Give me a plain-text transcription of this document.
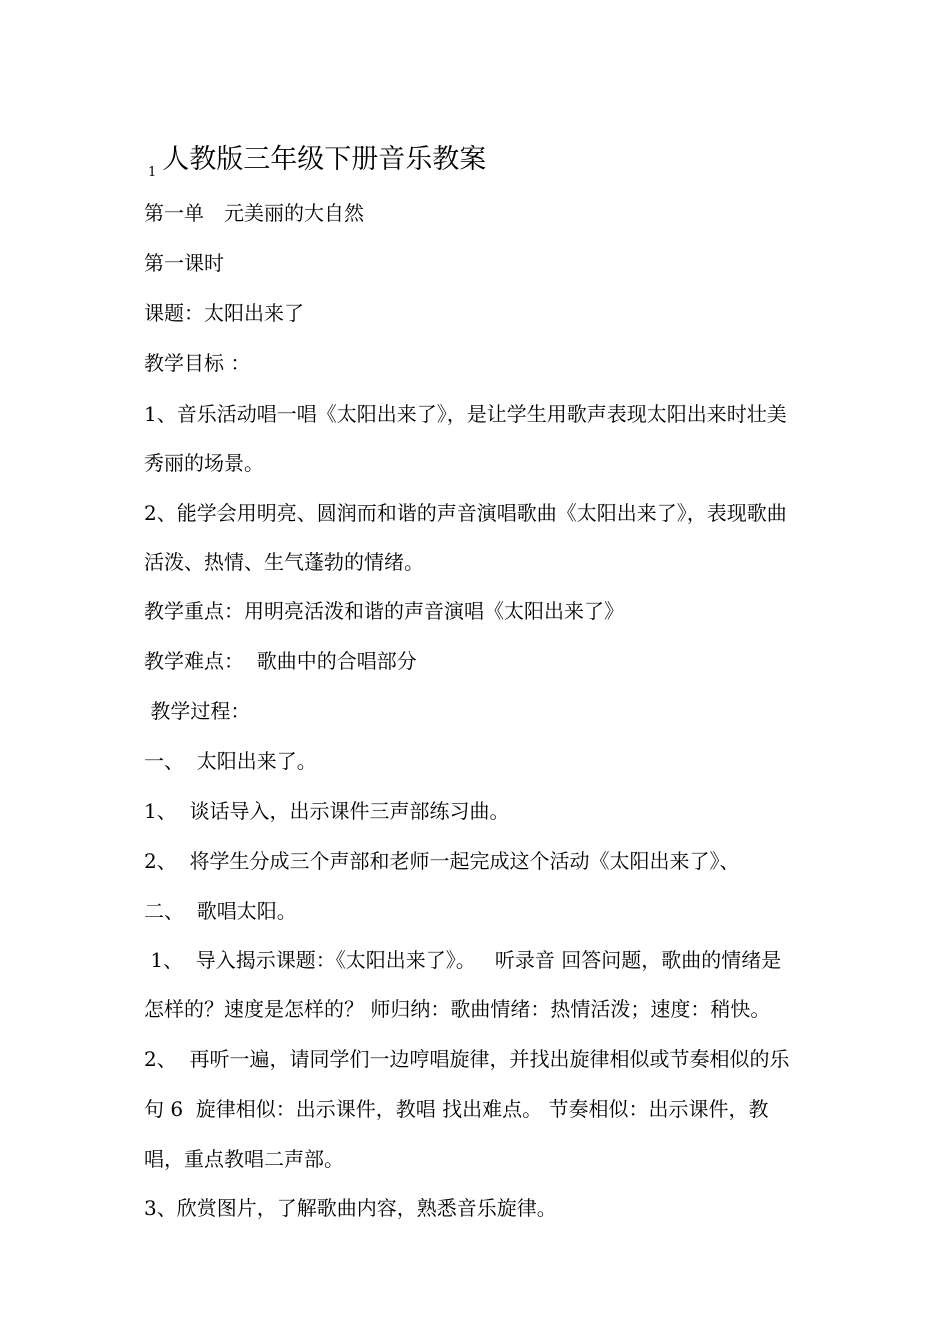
$_1$ 人教版三年级下册音乐教案
第一单　元美丽的大自然
第一课时
课题：太阳出来了
教学目标 ：
1、音乐活动唱一唱《太阳出来了》，是让学生用歌声表现太阳出来时壮美
秀丽的场景。
2、能学会用明亮、圆润而和谐的声音演唱歌曲《太阳出来了》，表现歌曲
活泼、热情、生气蓬勃的情绪。
教学重点：用明亮活泼和谐的声音演唱《太阳出来了》
教学难点：  歌曲中的合唱部分
教学过程：
一、  太阳出来了。
1、  谈话导入，出示课件三声部练习曲。
2、  将学生分成三个声部和老师一起完成这个活动《太阳出来了》、
二、  歌唱太阳。
1、  导入揭示课题：《太阳出来了》。   听录音 回答问题，歌曲的情绪是
怎样的？速度是怎样的？ 师归纳：歌曲情绪：热情活泼；速度：稍快。
2、  再听一遍，请同学们一边哼唱旋律，并找出旋律相似或节奏相似的乐
句 6  旋律相似：出示课件，教唱 找出难点。 节奏相似：出示课件，教
唱，重点教唱二声部。
3、欣赏图片，了解歌曲内容，熟悉音乐旋律。
